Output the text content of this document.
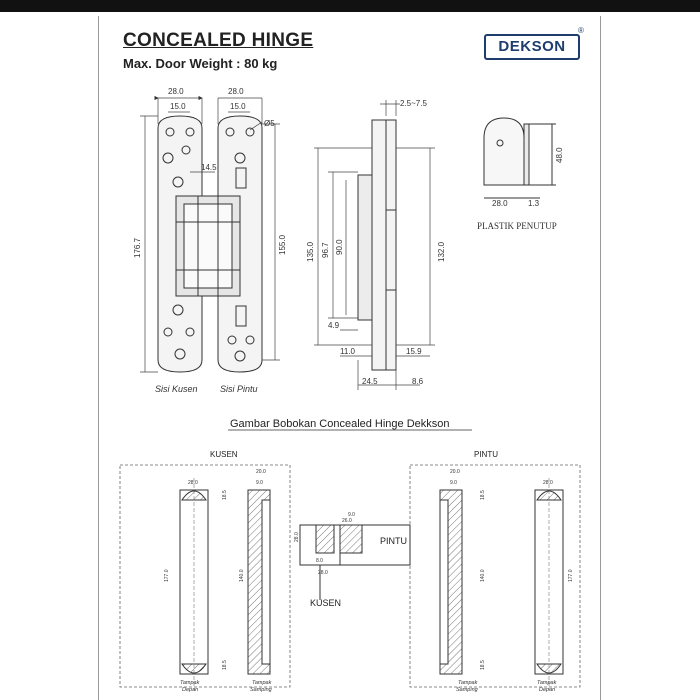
CONCEALED HINGE
Max. Door Weight : 80 kg
DEKSON
®
28.0
15.0
28.0
15.0
Ø5
14.5
176.7	155.0
Sisi Kusen Sisi Pintu
2.5~7.5
135.0 96.7 90.0	132.0
4.9
11.0	15.9
24.5	8.6
48.0
28.0	1.3
PLASTIK PENUTUP
Gambar Bobokan Concealed Hinge Dekkson
KUSEN	PINTU
PINTU
KUSEN
28.0
20.0
9.0
177.0	140.0
18.5
18.5
20.0
9.0	28.0
177.0
140.0
18.5
18.5
26.0
9.0
28.0
8.0
28.0
Tampak
Depan
Tampak
Samping
Tampak
Samping
Tampak
Depan
